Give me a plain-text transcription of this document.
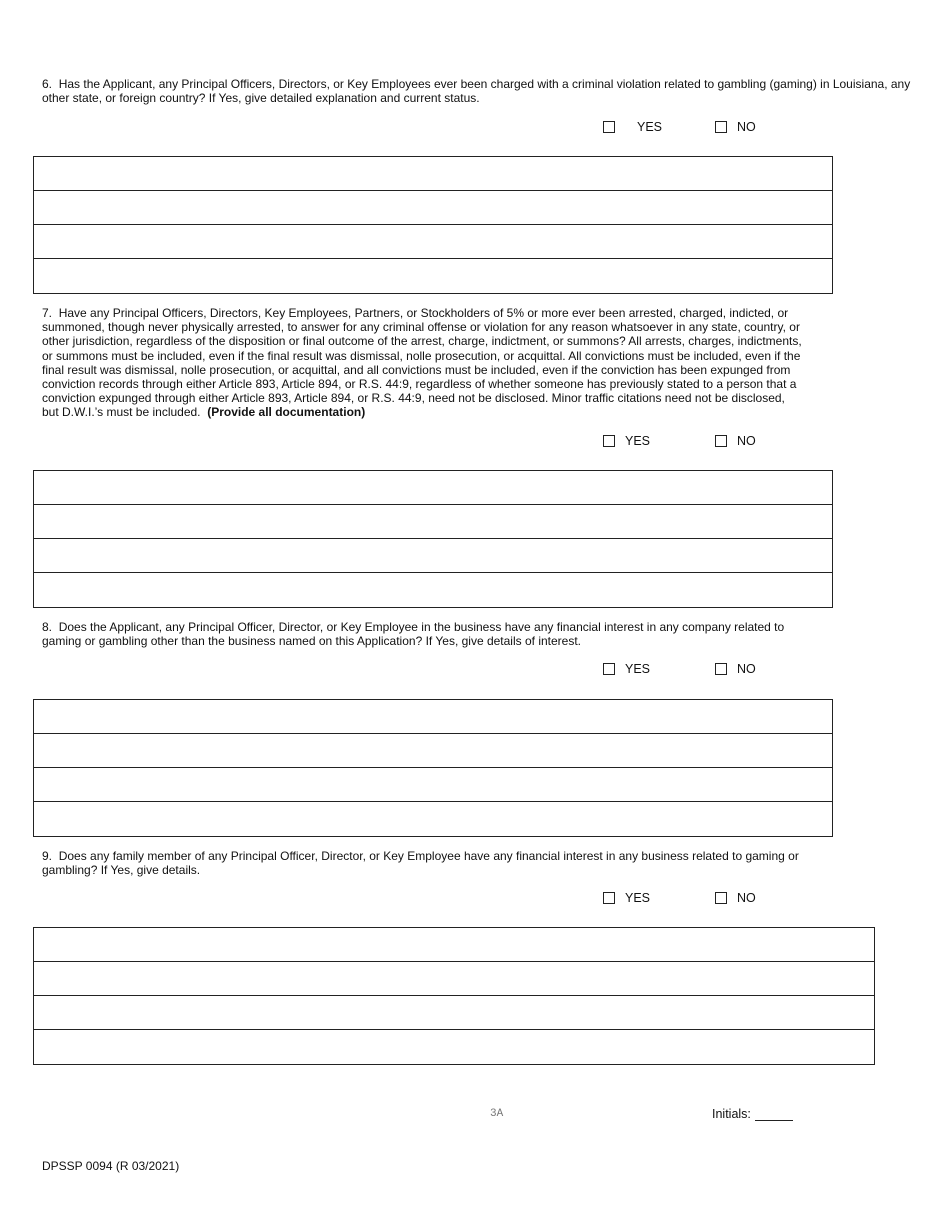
6. Has the Applicant, any Principal Officers, Directors, or Key Employees ever been charged with a criminal violation related to gambling (gaming) in Louisiana, any other state, or foreign country? If Yes, give detailed explanation and current status.

YES	NO

7. Have any Principal Officers, Directors, Key Employees, Partners, or Stockholders of 5% or more ever been arrested, charged, indicted, or summoned, though never physically arrested, to answer for any criminal offense or violation for any reason whatsoever in any state, country, or other jurisdiction, regardless of the disposition or final outcome of the arrest, charge, indictment, or summons? All arrests, charges, indictments, or summons must be included, even if the final result was dismissal, nolle prosecution, or acquittal. All convictions must be included, even if the final result was dismissal, nolle prosecution, or acquittal, and all convictions must be included, even if the conviction has been expunged from conviction records through either Article 893, Article 894, or R.S. 44:9, regardless of whether someone has previously stated to a person that a conviction expunged through either Article 893, Article 894, or R.S. 44:9, need not be disclosed. Minor traffic citations need not be disclosed, but D.W.I.’s must be included. (Provide all documentation)

YES	NO

8. Does the Applicant, any Principal Officer, Director, or Key Employee in the business have any financial interest in any company related to gaming or gambling other than the business named on this Application? If Yes, give details of interest.

YES	NO

9. Does any family member of any Principal Officer, Director, or Key Employee have any financial interest in any business related to gaming or gambling? If Yes, give details.

YES	NO
3A	Initials:
DPSSP 0094 (R 03/2021)
